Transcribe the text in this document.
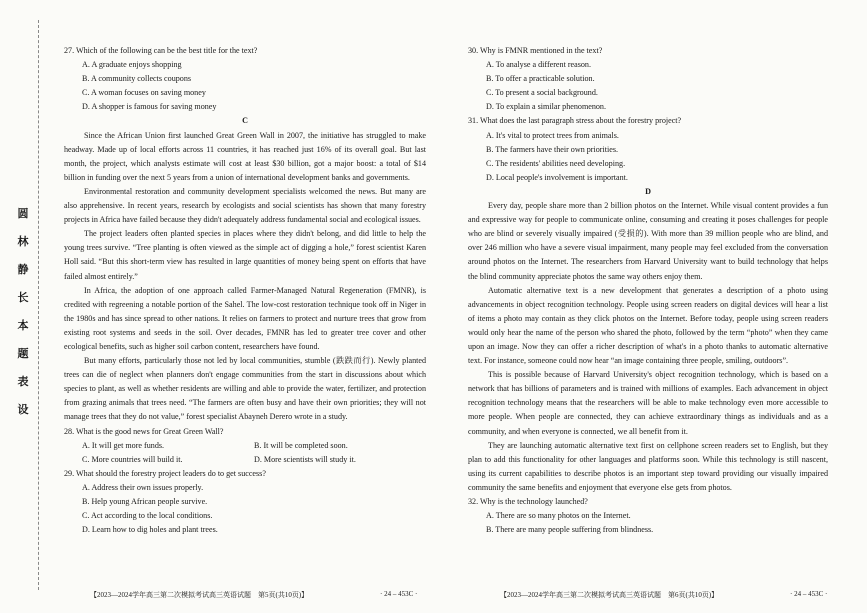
圆
林
静
长
本
题
表
设

27. Which of the following can be the best title for the text?

A. A graduate enjoys shopping

B. A community collects coupons

C. A woman focuses on saving money

D. A shopper is famous for saving money

C

Since the African Union first launched Great Green Wall in 2007, the initiative has struggled to make headway. Made up of local efforts across 11 countries, it has reached just 16% of its overall goal. But last month, the project, which analysts estimate will cost at least $30 billion, got a major boost: a total of $14 billion in funding over the next 5 years from a union of international development banks and governments.

Environmental restoration and community development specialists welcomed the news. But many are also apprehensive. In recent years, research by ecologists and social scientists has shown that many forestry projects in Africa have failed because they didn't adequately address fundamental social and ecological issues.

The project leaders often planted species in places where they didn't belong, and did little to help the young trees survive. “Tree planting is often viewed as the simple act of digging a hole,” forest scientist Karen Holl said. “But this short-term view has resulted in large quantities of money being spent on efforts that have failed almost entirely.”

In Africa, the adoption of one approach called Farmer-Managed Natural Regeneration (FMNR), is credited with regreening a notable portion of the Sahel. The low-cost restoration technique took off in Niger in the 1980s and has since spread to other nations. It relies on farmers to protect and nurture trees that grow from existing root systems and seeds in the soil. Over decades, FMNR has led to greater tree cover and other ecological benefits, such as higher soil carbon content, researchers have found.

But many efforts, particularly those not led by local communities, stumble (跌跌而行). Newly planted trees can die of neglect when planners don't engage communities from the start in discussions about which species to plant, as well as whether residents are willing and able to provide the water, fertilizer, and protection from grazing animals that trees need. “The farmers are often busy and have their own priorities; they will not manage trees that they do not value,” forest specialist Abayneh Derero wrote in a study.

28. What is the good news for Great Green Wall?

A. It will get more funds.	B. It will be completed soon.
C. More countries will build it.	D. More scientists will study it.

29. What should the forestry project leaders do to get success?

A. Address their own issues properly.

B. Help young African people survive.

C. Act according to the local conditions.

D. Learn how to dig holes and plant trees.

30. Why is FMNR mentioned in the text?

A. To analyse a different reason.

B. To offer a practicable solution.

C. To present a social background.

D. To explain a similar phenomenon.

31. What does the last paragraph stress about the forestry project?

A. It's vital to protect trees from animals.

B. The farmers have their own priorities.

C. The residents' abilities need developing.

D. Local people's involvement is important.

D

Every day, people share more than 2 billion photos on the Internet. While visual content provides a fun and expressive way for people to communicate online, consuming and creating it poses challenges for people who are blind or severely visually impaired (受损的). With more than 39 million people who are blind, and over 246 million who have a severe visual impairment, many people may feel excluded from the conversation around photos on the Internet. The researchers from Harvard University want to build technology that helps the blind community appreciate photos the same way others enjoy them.

Automatic alternative text is a new development that generates a description of a photo using advancements in object recognition technology. People using screen readers on digital devices will hear a list of items a photo may contain as they click photos on the Internet. Before today, people using screen readers would only hear the name of the person who shared the photo, followed by the term “photo” when they came upon an image. Now they can offer a richer description of what's in a photo thanks to automatic alternative text. For instance, someone could now hear “an image containing three people, smiling, outdoors”.

This is possible because of Harvard University's object recognition technology, which is based on a network that has billions of parameters and is trained with millions of examples. Each advancement in object recognition technology means that the researchers will be able to make technology even more accessible to more people. When people are connected, they can achieve extraordinary things as individuals and as a community, and when everyone is connected, we all benefit from it.

They are launching automatic alternative text first on cellphone screen readers set to English, but they plan to add this functionality for other languages and platforms soon. While this technology is still nascent, using its current capabilities to describe photos is an important step toward providing our visually impaired community the same benefits and enjoyment that everyone else gets from photos.

32. Why is the technology launched?

A. There are so many photos on the Internet.

B. There are many people suffering from blindness.

【2023—2024学年高三第二次模拟考试高三英语试题　第5页(共10页)】	· 24 – 453C ·	【2023—2024学年高三第二次模拟考试高三英语试题　第6页(共10页)】	· 24 – 453C ·
